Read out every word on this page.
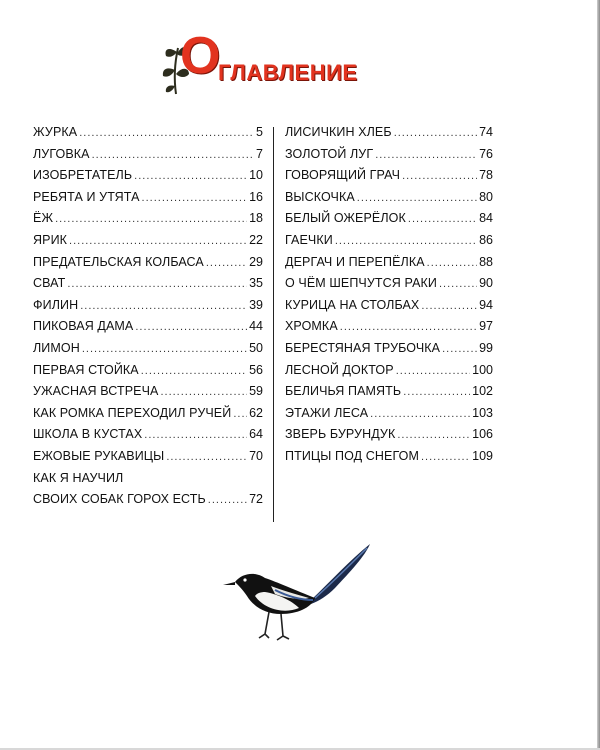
О
ГЛАВЛЕНИЕ
ЖУРКА .....	5
ЛУГОВКА .....	7
ИЗОБРЕТАТЕЛЬ .....	10
РЕБЯТА И УТЯТА .....	16
ЁЖ .....	18
ЯРИК .....	22
ПРЕДАТЕЛЬСКАЯ КОЛБАСА .....	29
СВАТ .....	35
ФИЛИН .....	39
ПИКОВАЯ ДАМА .....	44
ЛИМОН .....	50
ПЕРВАЯ СТОЙКА .....	56
УЖАСНАЯ ВСТРЕЧА .....	59
КАК РОМКА ПЕРЕХОДИЛ РУЧЕЙ ..... 62
ШКОЛА В КУСТАХ .....	64
ЕЖОВЫЕ РУКАВИЦЫ .....	70
КАК Я НАУЧИЛ
СВОИХ СОБАК ГОРОХ ЕСТЬ .....	72
ЛИСИЧКИН ХЛЕБ .....	74
ЗОЛОТОЙ ЛУГ .....	76
ГОВОРЯЩИЙ ГРАЧ .....	78
ВЫСКОЧКА .....	80
БЕЛЫЙ ОЖЕРЁЛОК .....	84
ГАЕЧКИ .....	86
ДЕРГАЧ И ПЕРЕПЁЛКА .....	88
О ЧЁМ ШЕПЧУТСЯ РАКИ .....	90
КУРИЦА НА СТОЛБАХ .....	94
ХРОМКА .....	97
БЕРЕСТЯНАЯ ТРУБОЧКА .....	99
ЛЕСНОЙ ДОКТОР .....	100
БЕЛИЧЬЯ ПАМЯТЬ .....	102
ЭТАЖИ ЛЕСА .....	103
ЗВЕРЬ БУРУНДУК .....	106
ПТИЦЫ ПОД СНЕГОМ .....	109
